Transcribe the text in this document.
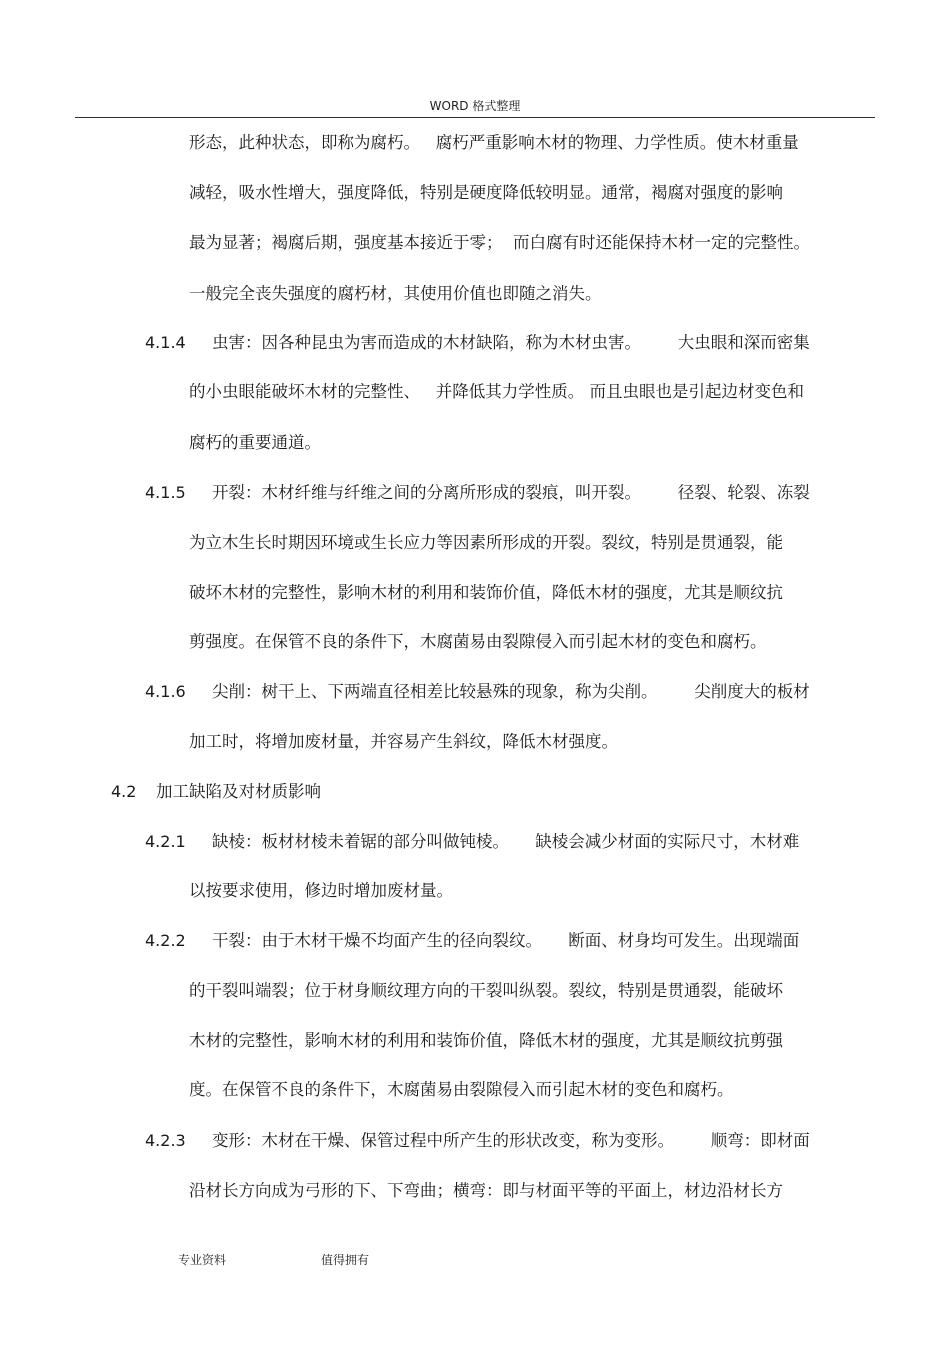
WORD 格式整理
形态，此种状态，即称为腐朽。   腐朽严重影响木材的物理、力学性质。使木材重量
减轻，吸水性增大，强度降低，特别是硬度降低较明显。通常，褐腐对强度的影响
最为显著；褐腐后期，强度基本接近于零；  而白腐有时还能保持木材一定的完整性。
一般完全丧失强度的腐朽材，其使用价值也即随之消失。
4.1.4 虫害：因各种昆虫为害而造成的木材缺陷，称为木材虫害。       大虫眼和深而密集
的小虫眼能破坏木材的完整性、   并降低其力学性质。 而且虫眼也是引起边材变色和
腐朽的重要通道。
4.1.5 开裂：木材纤维与纤维之间的分离所形成的裂痕，叫开裂。       径裂、轮裂、冻裂
为立木生长时期因环境或生长应力等因素所形成的开裂。裂纹，特别是贯通裂，能
破坏木材的完整性，影响木材的利用和装饰价值，降低木材的强度，尤其是顺纹抗
剪强度。在保管不良的条件下，木腐菌易由裂隙侵入而引起木材的变色和腐朽。
4.1.6 尖削：树干上、下两端直径相差比较悬殊的现象，称为尖削。       尖削度大的板材
加工时，将增加废材量，并容易产生斜纹，降低木材强度。
4.2 加工缺陷及对材质影响
4.2.1 缺棱：板材材棱未着锯的部分叫做钝棱。     缺棱会减少材面的实际尺寸，木材难
以按要求使用，修边时增加废材量。
4.2.2 干裂：由于木材干燥不均面产生的径向裂纹。     断面、材身均可发生。出现端面
的干裂叫端裂；位于材身顺纹理方向的干裂叫纵裂。裂纹，特别是贯通裂，能破坏
木材的完整性，影响木材的利用和装饰价值，降低木材的强度，尤其是顺纹抗剪强
度。在保管不良的条件下，木腐菌易由裂隙侵入而引起木材的变色和腐朽。
4.2.3 变形：木材在干燥、保管过程中所产生的形状改变，称为变形。       顺弯：即材面
沿材长方向成为弓形的下、下弯曲；横弯：即与材面平等的平面上，材边沿材长方
专业资料	值得拥有
